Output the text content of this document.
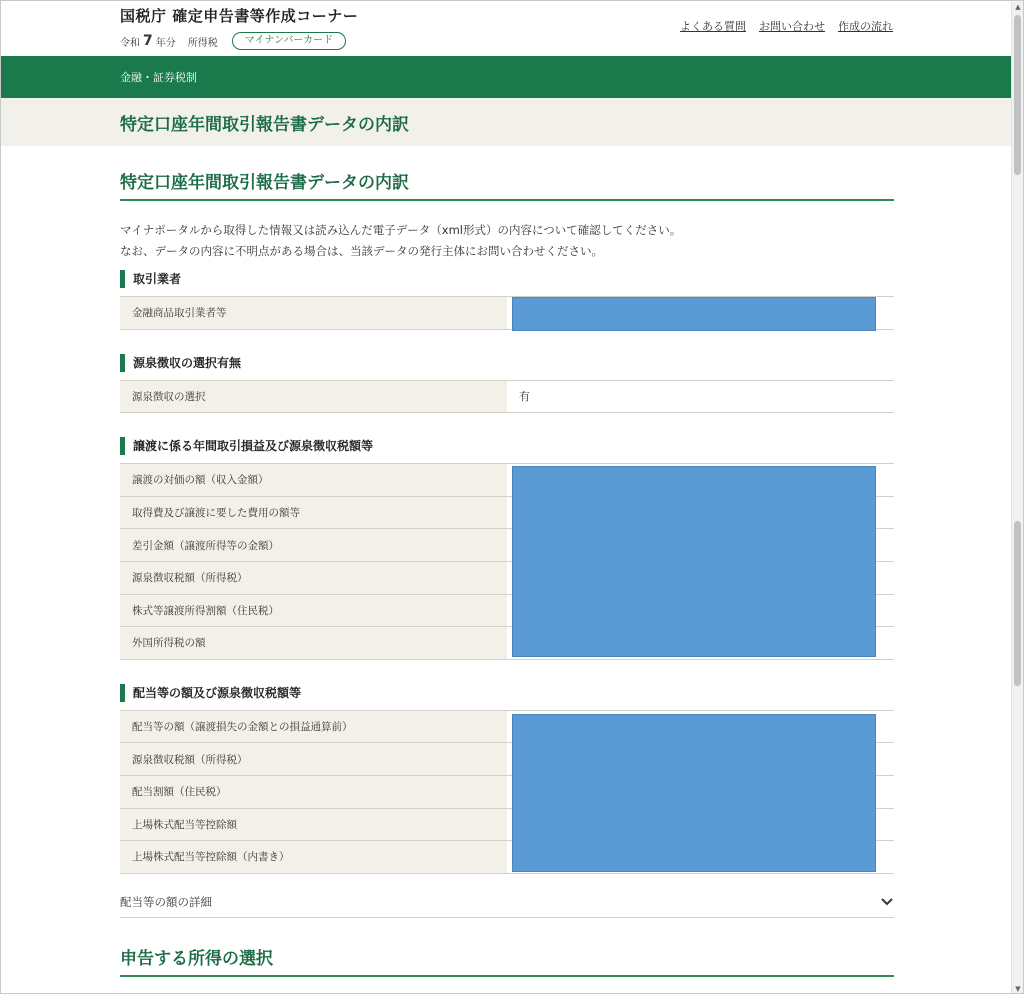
国税庁 確定申告書等作成コーナー
令和 7 年分 所得税	マイナンバーカード
よくある質問 お問い合わせ 作成の流れ
金融・証券税制
特定口座年間取引報告書データの内訳
特定口座年間取引報告書データの内訳

マイナポータルから取得した情報又は読み込んだ電子データ（xml形式）の内容について確認してください。
なお、データの内容に不明点がある場合は、当該データの発行主体にお問い合わせください。

取引業者
金融商品取引業者等
源泉徴収の選択有無
源泉徴収の選択	有
譲渡に係る年間取引損益及び源泉徴収税額等
譲渡の対価の額（収入金額）
取得費及び譲渡に要した費用の額等
差引金額（譲渡所得等の金額）
源泉徴収税額（所得税）
株式等譲渡所得割額（住民税）
外国所得税の額
配当等の額及び源泉徴収税額等
配当等の額（譲渡損失の金額との損益通算前）
源泉徴収税額（所得税）
配当割額（住民税）
上場株式配当等控除額
上場株式配当等控除額（内書き）
配当等の額の詳細
申告する所得の選択
▲
▼
